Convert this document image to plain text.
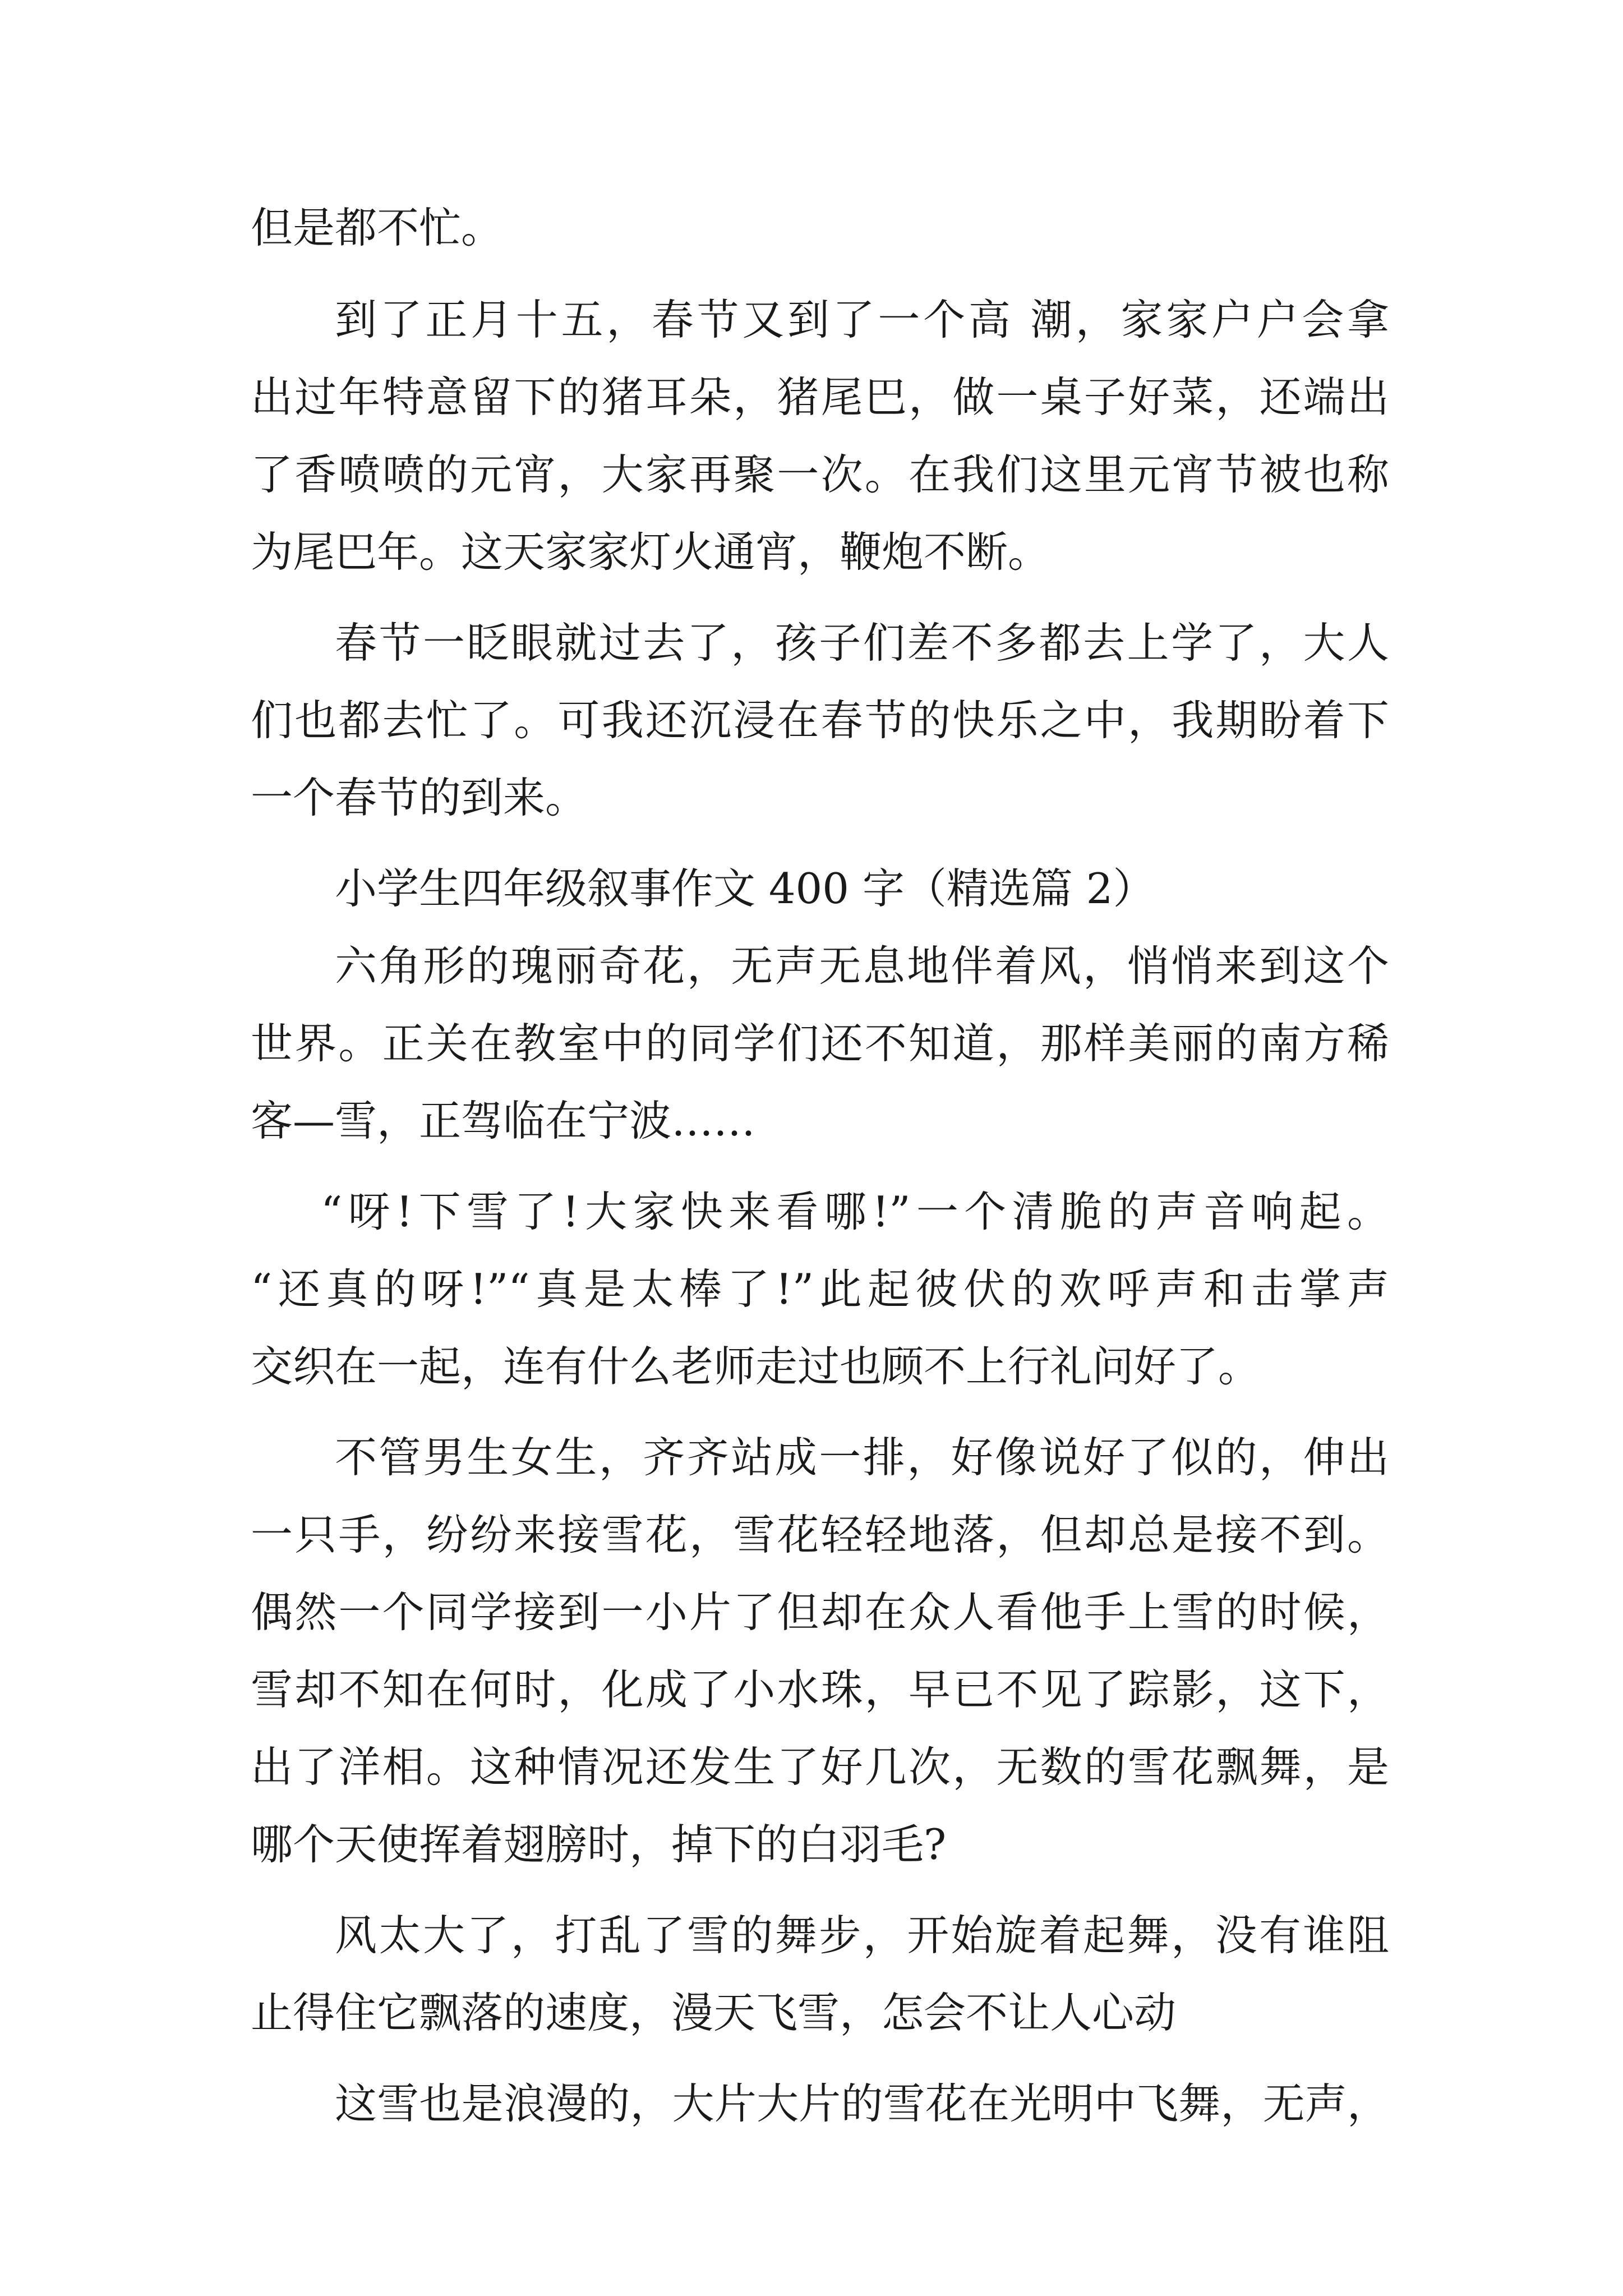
但是都不忙。
到了正月十五，春节又到了一个高 潮，家家户户会拿
出过年特意留下的猪耳朵，猪尾巴，做一桌子好菜，还端出
了香喷喷的元宵，大家再聚一次。在我们这里元宵节被也称
为尾巴年。这天家家灯火通宵，鞭炮不断。
春节一眨眼就过去了，孩子们差不多都去上学了，大人
们也都去忙了。可我还沉浸在春节的快乐之中，我期盼着下
一个春节的到来。
小学生四年级叙事作文 400 字（精选篇 2）
六角形的瑰丽奇花，无声无息地伴着风，悄悄来到这个
世界。正关在教室中的同学们还不知道，那样美丽的南方稀
客—雪，正驾临在宁波……
“呀!下雪了!大家快来看哪!”一个清脆的声音响起。
“还真的呀!”“真是太棒了!”此起彼伏的欢呼声和击掌声
交织在一起，连有什么老师走过也顾不上行礼问好了。
不管男生女生，齐齐站成一排，好像说好了似的，伸出
一只手，纷纷来接雪花，雪花轻轻地落，但却总是接不到。
偶然一个同学接到一小片了但却在众人看他手上雪的时候，
雪却不知在何时，化成了小水珠，早已不见了踪影，这下，
出了洋相。这种情况还发生了好几次，无数的雪花飘舞，是
哪个天使挥着翅膀时，掉下的白羽毛?
风太大了，打乱了雪的舞步，开始旋着起舞，没有谁阻
止得住它飘落的速度，漫天飞雪，怎会不让人心动
这雪也是浪漫的，大片大片的雪花在光明中飞舞，无声，
